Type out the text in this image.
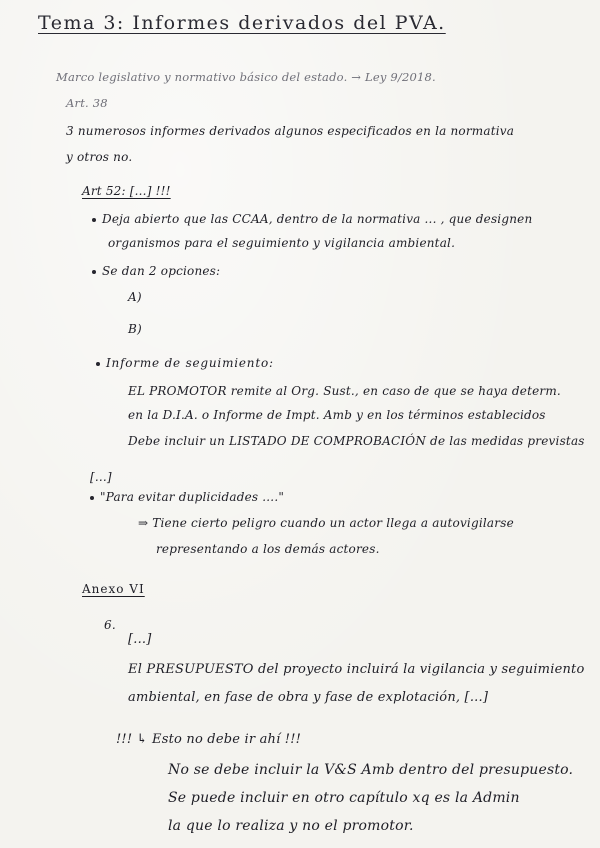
Tema 3: Informes derivados del PVA.
Marco legislativo y normativo básico del estado. → Ley 9/2018.
Art. 38
3 numerosos informes derivados algunos especificados en la normativa
y otros no.
Art 52: [...] !!!
Deja abierto que las CCAA, dentro de la normativa ... , que designen
organismos para el seguimiento y vigilancia ambiental.
Se dan 2 opciones:
A)
B)
Informe de seguimiento:
EL PROMOTOR remite al Org. Sust., en caso de que se haya determ.
en la D.I.A. o Informe de Impt. Amb y en los términos establecidos
Debe incluir un LISTADO DE COMPROBACIÓN de las medidas previstas
[...]
"Para evitar duplicidades ...."
⇒ Tiene cierto peligro cuando un actor llega a autovigilarse
representando a los demás actores.
Anexo VI
6.
[...]
El PRESUPUESTO del proyecto incluirá la vigilancia y seguimiento
ambiental, en fase de obra y fase de explotación, [...]
!!! ↳ Esto no debe ir ahí !!!
No se debe incluir la V&S Amb dentro del presupuesto.
Se puede incluir en otro capítulo xq es la Admin
la que lo realiza y no el promotor.
